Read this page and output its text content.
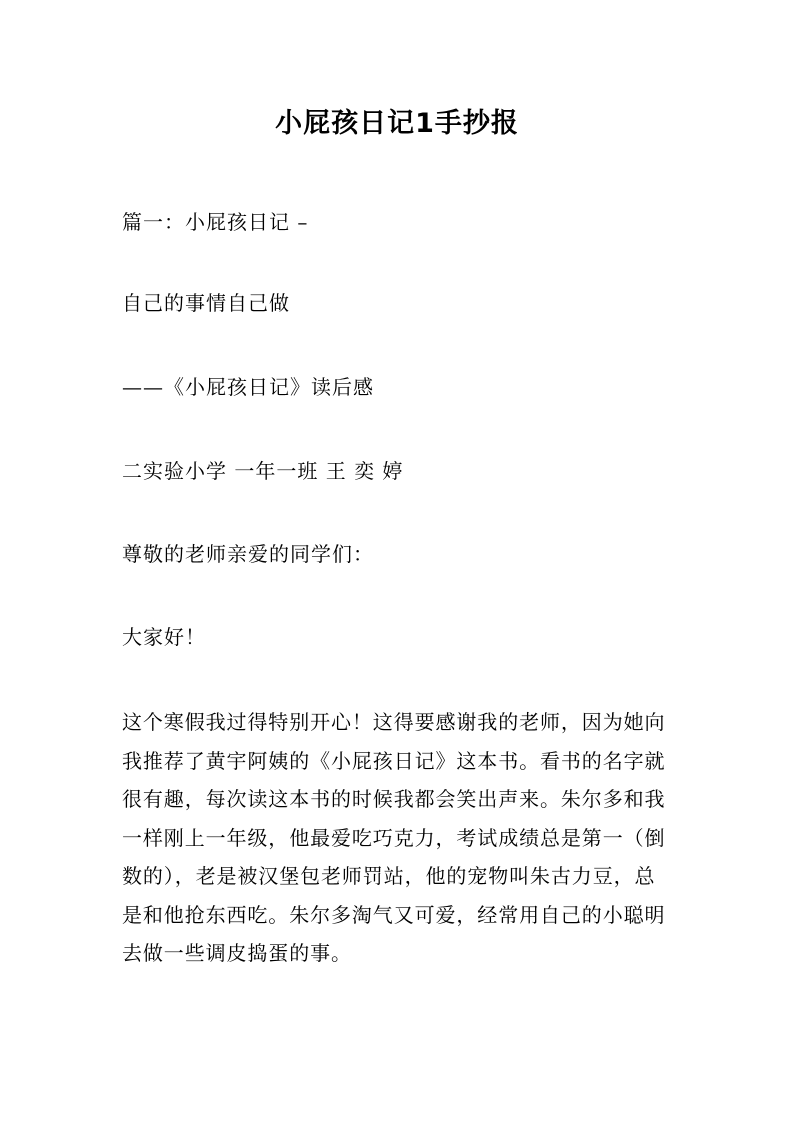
小屁孩日记1手抄报
篇一：小屁孩日记 –
自己的事情自己做
——《小屁孩日记》读后感
二实验小学 一年一班 王 奕 婷
尊敬的老师亲爱的同学们：
大家好！
这个寒假我过得特别开心！这得要感谢我的老师，因为她向
我推荐了黄宇阿姨的《小屁孩日记》这本书。看书的名字就
很有趣，每次读这本书的时候我都会笑出声来。朱尔多和我
一样刚上一年级，他最爱吃巧克力，考试成绩总是第一（倒
数的），老是被汉堡包老师罚站，他的宠物叫朱古力豆，总
是和他抢东西吃。朱尔多淘气又可爱，经常用自己的小聪明
去做一些调皮捣蛋的事。
